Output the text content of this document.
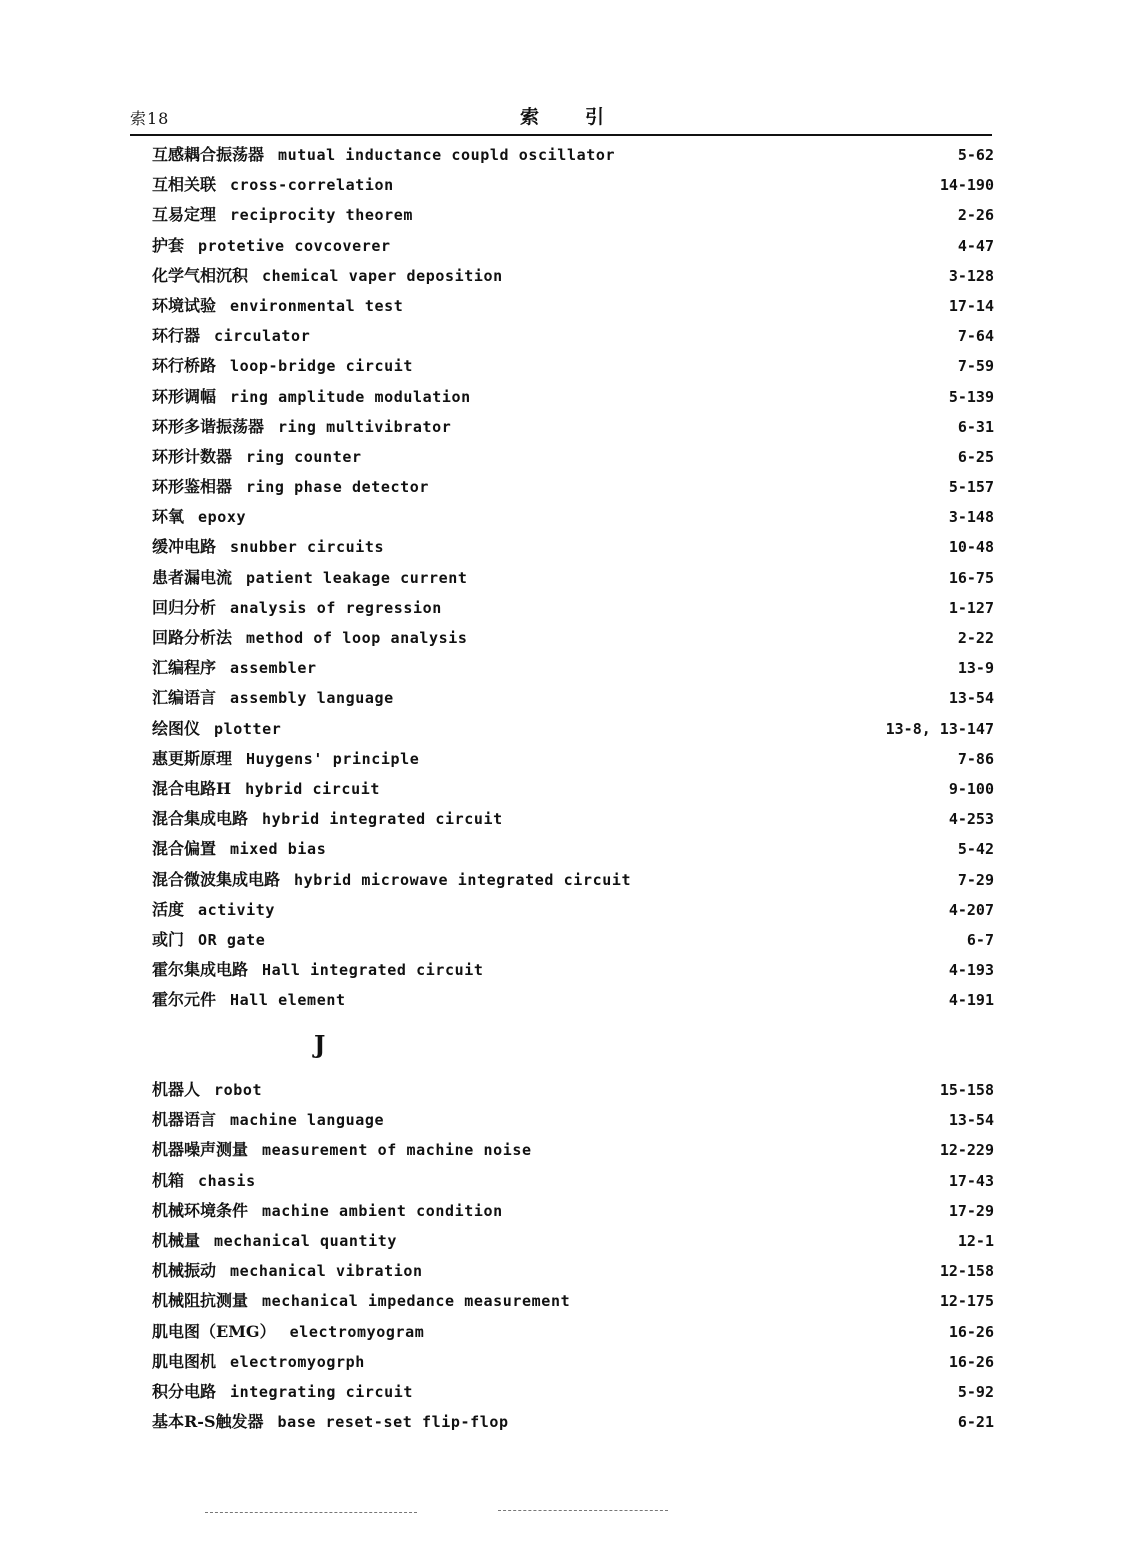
索18	索引
互感耦合振荡器 mutual inductance coupld oscillator	5-62
互相关联 cross-correlation	14-190
互易定理 reciprocity theorem	2-26
护套 protetive covcoverer	4-47
化学气相沉积 chemical vaper deposition	3-128
环境试验 environmental test	17-14
环行器 circulator	7-64
环行桥路 loop-bridge circuit	7-59
环形调幅 ring amplitude modulation	5-139
环形多谐振荡器 ring multivibrator	6-31
环形计数器 ring counter	6-25
环形鉴相器 ring phase detector	5-157
环氧 epoxy	3-148
缓冲电路 snubber circuits	10-48
患者漏电流 patient leakage current	16-75
回归分析 analysis of regression	1-127
回路分析法 method of loop analysis	2-22
汇编程序 assembler	13-9
汇编语言 assembly language	13-54
绘图仪 plotter	13-8, 13-147
惠更斯原理 Huygens' principle	7-86
混合电路H hybrid circuit	9-100
混合集成电路 hybrid integrated circuit	4-253
混合偏置 mixed bias	5-42
混合微波集成电路 hybrid microwave integrated circuit	7-29
活度 activity	4-207
或门 OR gate	6-7
霍尔集成电路 Hall integrated circuit	4-193
霍尔元件 Hall element	4-191
J
机器人 robot	15-158
机器语言 machine language	13-54
机器噪声测量 measurement of machine noise	12-229
机箱 chasis	17-43
机械环境条件 machine ambient condition	17-29
机械量 mechanical quantity	12-1
机械振动 mechanical vibration	12-158
机械阻抗测量 mechanical impedance measurement	12-175
肌电图（EMG） electromyogram	16-26
肌电图机 electromyogrph	16-26
积分电路 integrating circuit	5-92
基本R-S触发器 base reset-set flip-flop	6-21
